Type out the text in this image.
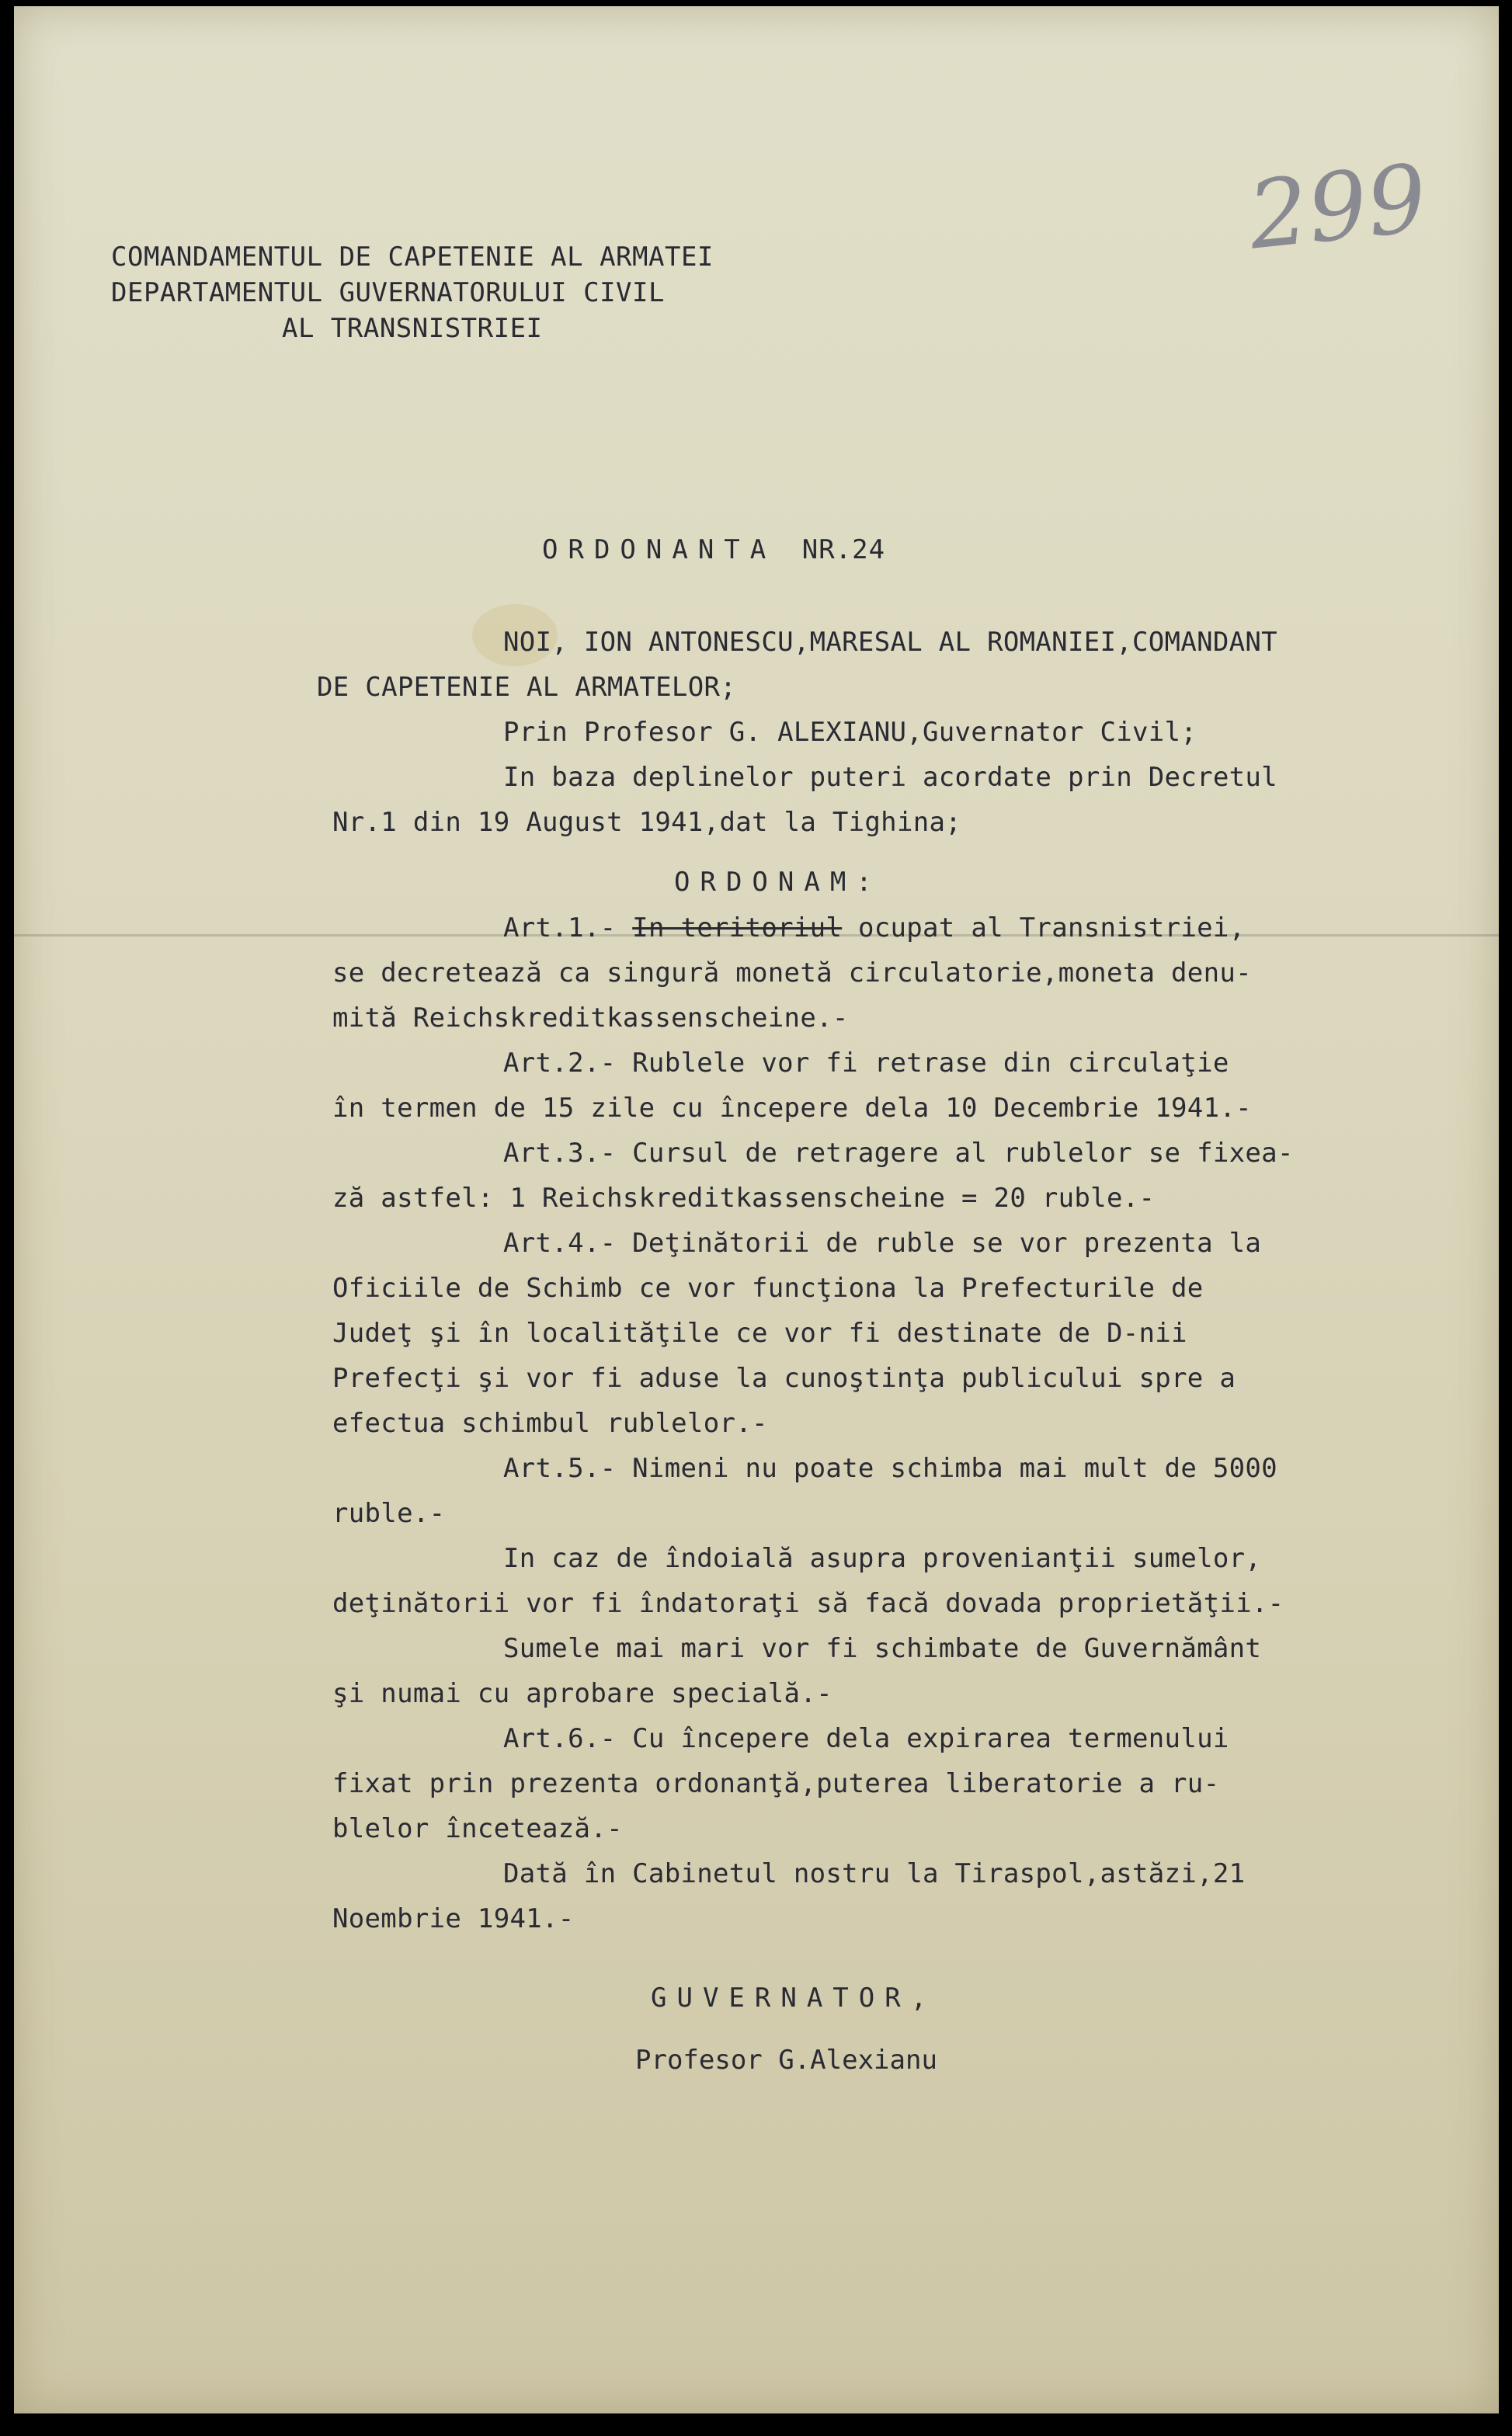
COMANDAMENTUL DE CAPETENIE AL ARMATEI
DEPARTAMENTUL GUVERNATORULUI CIVIL
AL TRANSNISTRIEI
299
ORDONANTA NR.24
NOI, ION ANTONESCU,MARESAL AL ROMANIEI,COMANDANT
DE CAPETENIE AL ARMATELOR;
Prin Profesor G. ALEXIANU,Guvernator Civil;
In baza deplinelor puteri acordate prin Decretul
Nr.1 din 19 August 1941,dat la Tighina;
ORDONAM:
Art.1.- In teritoriul ocupat al Transnistriei,
se decretează ca singură monetă circulatorie,moneta denu-
mită Reichskreditkassenscheine.-
Art.2.- Rublele vor fi retrase din circulaţie
în termen de 15 zile cu începere dela 10 Decembrie 1941.-
Art.3.- Cursul de retragere al rublelor se fixea-
ză astfel: 1 Reichskreditkassenscheine = 20 ruble.-
Art.4.- Deţinătorii de ruble se vor prezenta la
Oficiile de Schimb ce vor funcţiona la Prefecturile de
Judeţ şi în localităţile ce vor fi destinate de D-nii
Prefecţi şi vor fi aduse la cunoştinţa publicului spre a
efectua schimbul rublelor.-
Art.5.- Nimeni nu poate schimba mai mult de 5000
ruble.-
In caz de îndoială asupra provenianţii sumelor,
deţinătorii vor fi îndatoraţi să facă dovada proprietăţii.-
Sumele mai mari vor fi schimbate de Guvernământ
şi numai cu aprobare specială.-
Art.6.- Cu începere dela expirarea termenului
fixat prin prezenta ordonanţă,puterea liberatorie a ru-
blelor încetează.-
Dată în Cabinetul nostru la Tiraspol,astăzi,21
Noembrie 1941.-
GUVERNATOR,
Profesor G.Alexianu
